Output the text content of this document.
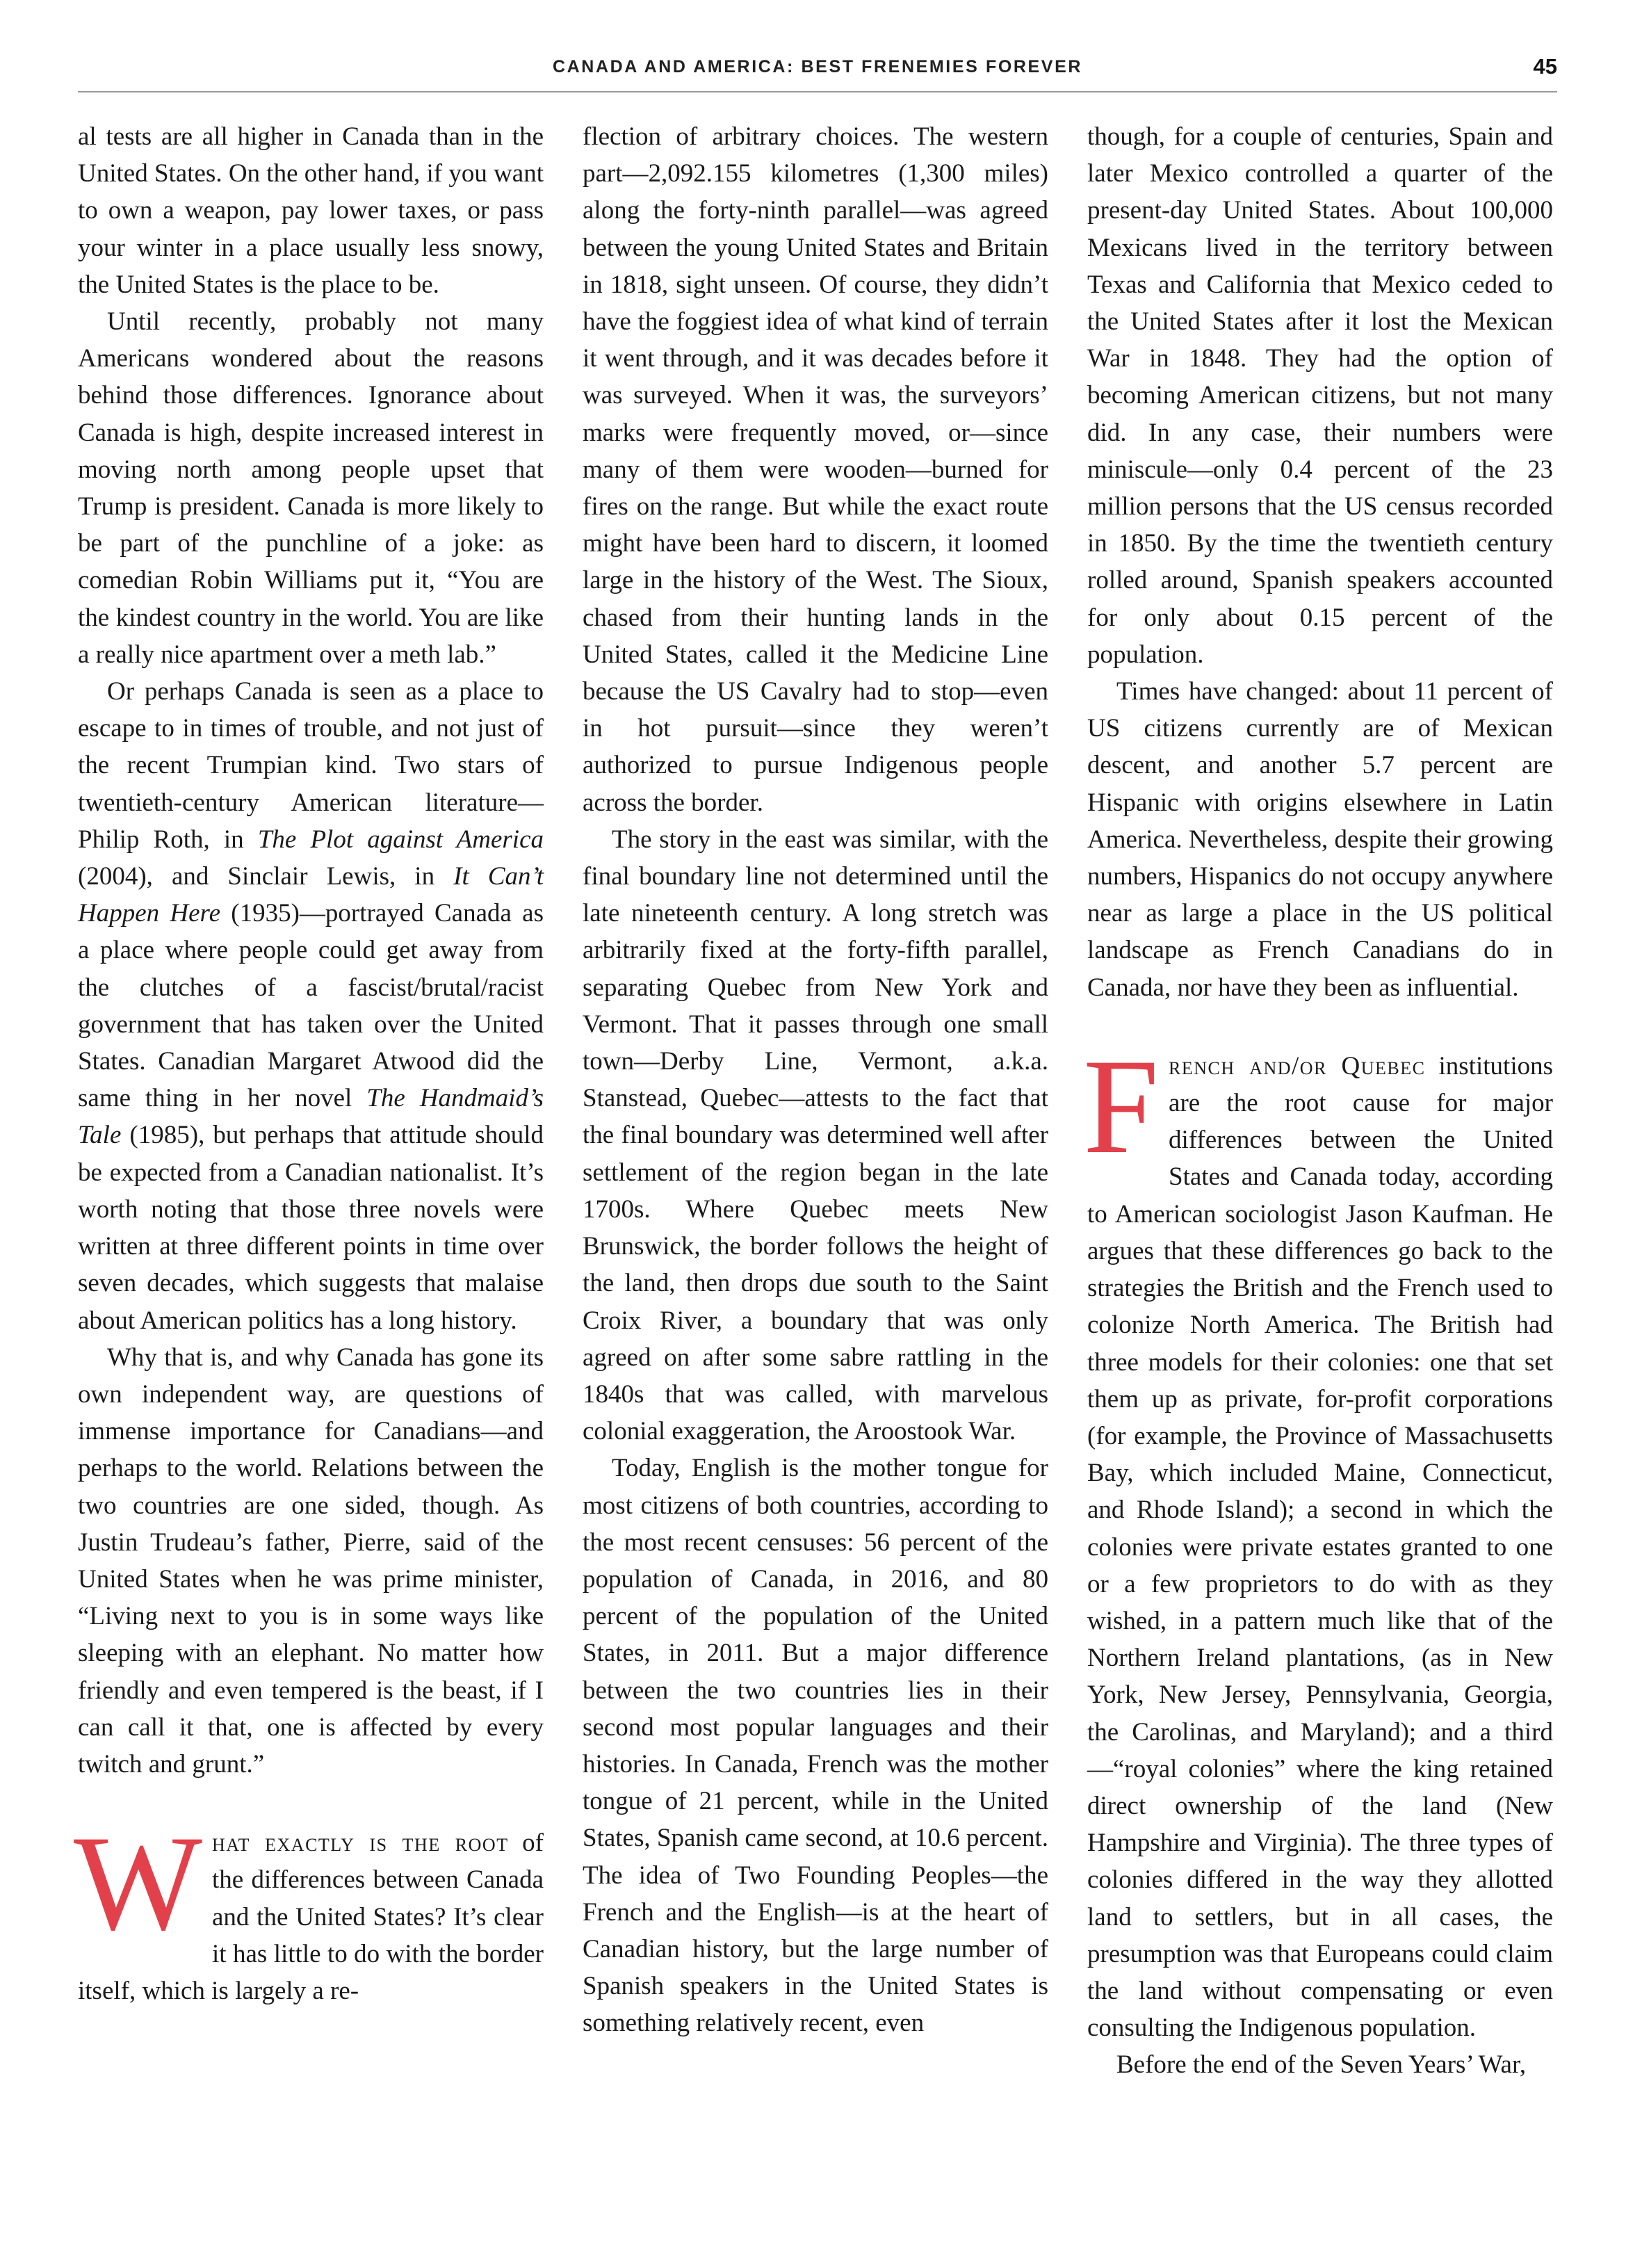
CANADA AND AMERICA: BEST FRENEMIES FOREVER	45

al tests are all higher in Canada than in the United States. On the other hand, if you want to own a weapon, pay lower taxes, or pass your winter in a place usually less snowy, the United States is the place to be.

Until recently, probably not many Americans wondered about the reasons behind those differences. Ignorance about Canada is high, despite increased interest in moving north among people upset that Trump is president. Canada is more likely to be part of the punchline of a joke: as comedian Robin Williams put it, “You are the kindest country in the world. You are like a really nice apartment over a meth lab.”

Or perhaps Canada is seen as a place to escape to in times of trouble, and not just of the recent Trumpian kind. Two stars of twentieth-century American literature—Philip Roth, in The Plot against America (2004), and Sinclair Lewis, in It Can’t Happen Here (1935)—portrayed Canada as a place where people could get away from the clutches of a fascist/brutal/racist government that has taken over the United States. Canadian Margaret Atwood did the same thing in her novel The Handmaid’s Tale (1985), but perhaps that attitude should be expected from a Canadian nationalist. It’s worth noting that those three novels were written at three different points in time over seven decades, which suggests that malaise about American politics has a long history.

Why that is, and why Canada has gone its own independent way, are questions of immense importance for Canadians—and perhaps to the world. Relations between the two countries are one sided, though. As Justin Trudeau’s father, Pierre, said of the United States when he was prime minister, “Living next to you is in some ways like sleeping with an elephant. No matter how friendly and even tempered is the beast, if I can call it that, one is affected by every twitch and grunt.”

What exactly is the root of the differences between Canada and the United States? It’s clear it has little to do with the border itself, which is largely a re-

flection of arbitrary choices. The western part—2,092.155 kilometres (1,300 miles) along the forty-ninth parallel—was agreed between the young United States and Britain in 1818, sight unseen. Of course, they didn’t have the foggiest idea of what kind of terrain it went through, and it was decades before it was surveyed. When it was, the surveyors’ marks were frequently moved, or—since many of them were wooden—burned for fires on the range. But while the exact route might have been hard to discern, it loomed large in the history of the West. The Sioux, chased from their hunting lands in the United States, called it the Medicine Line because the US Cavalry had to stop—even in hot pursuit—since they weren’t authorized to pursue Indigenous people across the border.

The story in the east was similar, with the final boundary line not determined until the late nineteenth century. A long stretch was arbitrarily fixed at the forty-fifth parallel, separating Quebec from New York and Vermont. That it passes through one small town—Derby Line, Vermont, a.k.a. Stanstead, Quebec—attests to the fact that the final boundary was determined well after settlement of the region began in the late 1700s. Where Quebec meets New Brunswick, the border follows the height of the land, then drops due south to the Saint Croix River, a boundary that was only agreed on after some sabre rattling in the 1840s that was called, with marvelous colonial exaggeration, the Aroostook War.

Today, English is the mother tongue for most citizens of both countries, according to the most recent censuses: 56 percent of the population of Canada, in 2016, and 80 percent of the population of the United States, in 2011. But a major difference between the two countries lies in their second most popular languages and their histories. In Canada, French was the mother tongue of 21 percent, while in the United States, Spanish came second, at 10.6 percent. The idea of Two Founding Peoples—the French and the English—is at the heart of Canadian history, but the large number of Spanish speakers in the United States is something relatively recent, even

though, for a couple of centuries, Spain and later Mexico controlled a quarter of the present-day United States. About 100,000 Mexicans lived in the territory between Texas and California that Mexico ceded to the United States after it lost the Mexican War in 1848. They had the option of becoming American citizens, but not many did. In any case, their numbers were miniscule—only 0.4 percent of the 23 million persons that the US census recorded in 1850. By the time the twentieth century rolled around, Spanish speakers accounted for only about 0.15 percent of the population.

Times have changed: about 11 percent of US citizens currently are of Mexican descent, and another 5.7 percent are Hispanic with origins elsewhere in Latin America. Nevertheless, despite their growing numbers, Hispanics do not occupy anywhere near as large a place in the US political landscape as French Canadians do in Canada, nor have they been as influential.

French and/or Quebec institutions are the root cause for major differences between the United States and Canada today, according to American sociologist Jason Kaufman. He argues that these differences go back to the strategies the British and the French used to colonize North America. The British had three models for their colonies: one that set them up as private, for-profit corporations (for example, the Province of Massachusetts Bay, which included Maine, Connecticut, and Rhode Island); a second in which the colonies were private estates granted to one or a few proprietors to do with as they wished, in a pattern much like that of the Northern Ireland plantations, (as in New York, New Jersey, Pennsylvania, Georgia, the Carolinas, and Maryland); and a third—“royal colonies” where the king retained direct ownership of the land (New Hampshire and Virginia). The three types of colonies differed in the way they allotted land to settlers, but in all cases, the presumption was that Europeans could claim the land without compensating or even consulting the Indigenous population.

Before the end of the Seven Years’ War,
